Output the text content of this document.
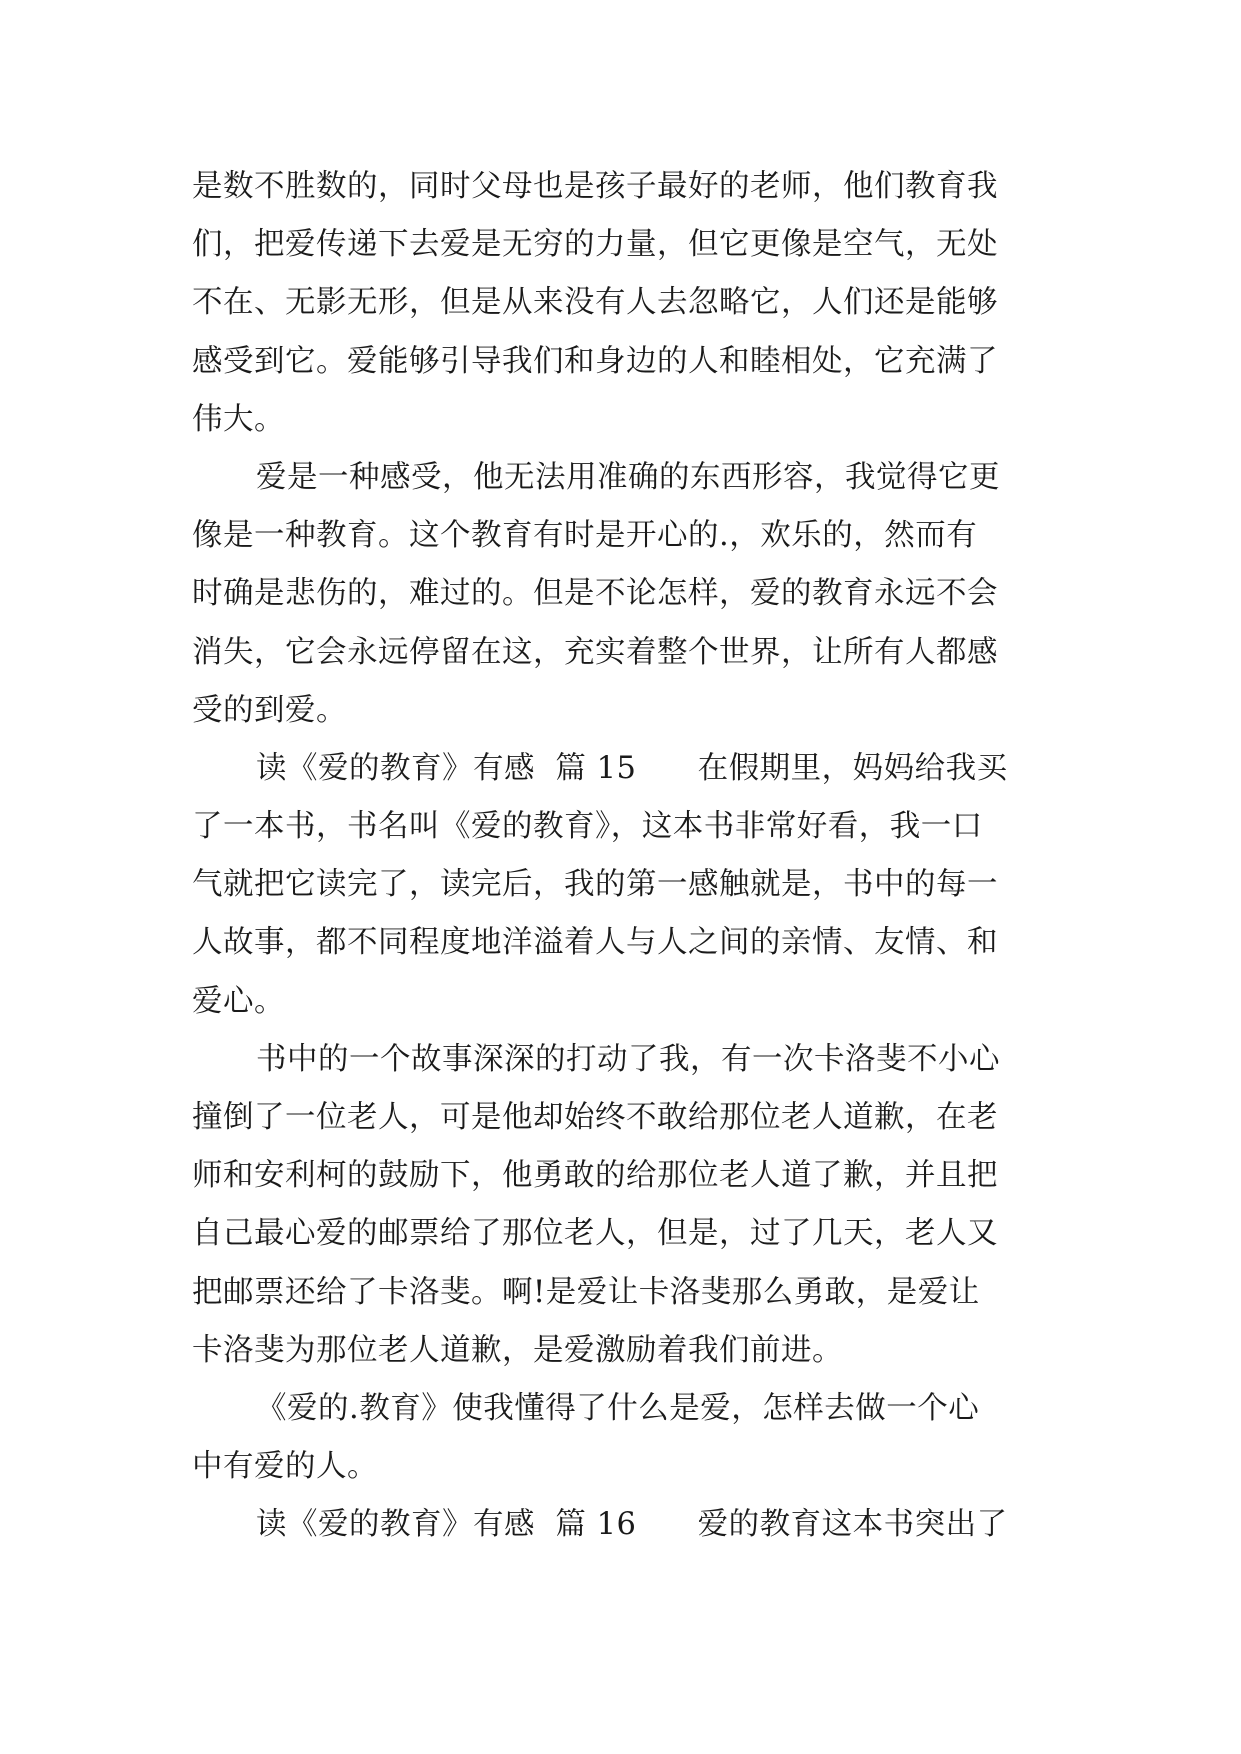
是数不胜数的，同时父母也是孩子最好的老师，他们教育我
们，把爱传递下去爱是无穷的力量，但它更像是空气，无处
不在、无影无形，但是从来没有人去忽略它，人们还是能够
感受到它。爱能够引导我们和身边的人和睦相处，它充满了
伟大。
爱是一种感受，他无法用准确的东西形容，我觉得它更
像是一种教育。这个教育有时是开心的.，欢乐的，然而有
时确是悲伤的，难过的。但是不论怎样，爱的教育永远不会
消失，它会永远停留在这，充实着整个世界，让所有人都感
受的到爱。
读《爱的教育》有感  篇 15      在假期里，妈妈给我买
了一本书，书名叫《爱的教育》，这本书非常好看，我一口
气就把它读完了，读完后，我的第一感触就是，书中的每一
人故事，都不同程度地洋溢着人与人之间的亲情、友情、和
爱心。
书中的一个故事深深的打动了我，有一次卡洛斐不小心
撞倒了一位老人，可是他却始终不敢给那位老人道歉，在老
师和安利柯的鼓励下，他勇敢的给那位老人道了歉，并且把
自己最心爱的邮票给了那位老人，但是，过了几天，老人又
把邮票还给了卡洛斐。啊!是爱让卡洛斐那么勇敢，是爱让
卡洛斐为那位老人道歉，是爱激励着我们前进。
《爱的.教育》使我懂得了什么是爱，怎样去做一个心
中有爱的人。
读《爱的教育》有感  篇 16      爱的教育这本书突出了
